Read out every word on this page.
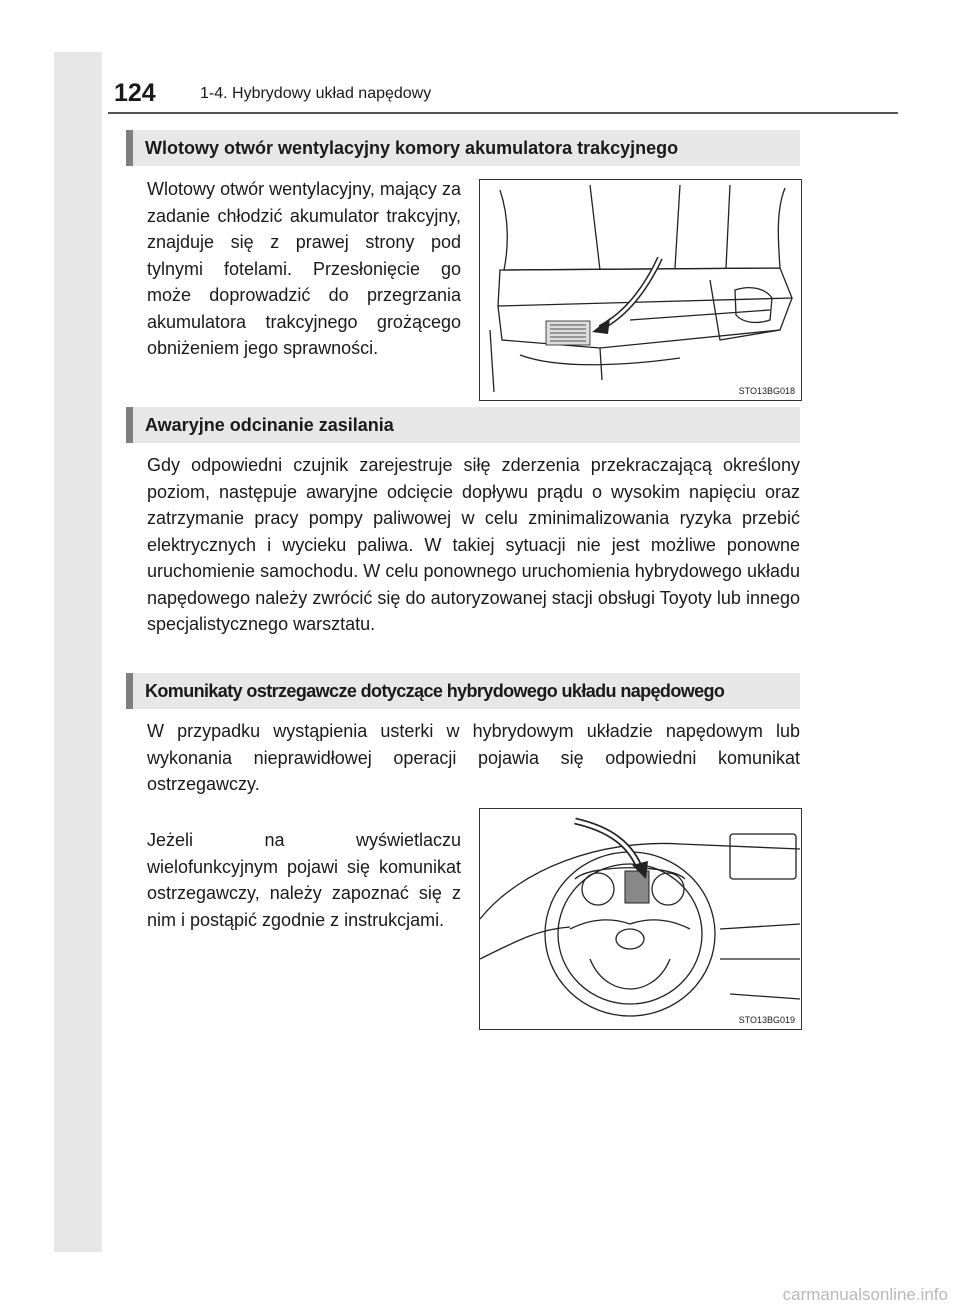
124	1-4. Hybrydowy układ napędowy
Wlotowy otwór wentylacyjny komory akumulatora trakcyjnego

Wlotowy otwór wentylacyjny, mający za zadanie chłodzić akumulator trakcyjny, znajduje się z prawej strony pod tylnymi fotelami. Przesłonięcie go może doprowadzić do przegrzania akumulatora trakcyjnego grożącego obniżeniem jego sprawności.

STO13BG018
Awaryjne odcinanie zasilania

Gdy odpowiedni czujnik zarejestruje siłę zderzenia przekraczającą określony poziom, następuje awaryjne odcięcie dopływu prądu o wysokim napięciu oraz zatrzymanie pracy pompy paliwowej w celu zminimalizowania ryzyka przebić elektrycznych i wycieku paliwa. W takiej sytuacji nie jest możliwe ponowne uruchomienie samochodu. W celu ponownego uruchomienia hybrydowego układu napędowego należy zwrócić się do autoryzowanej stacji obsługi Toyoty lub innego specjalistycznego warsztatu.

Komunikaty ostrzegawcze dotyczące hybrydowego układu napędowego

W przypadku wystąpienia usterki w hybrydowym układzie napędowym lub wykonania nieprawidłowej operacji pojawia się odpowiedni komunikat ostrzegawczy.

Jeżeli na wyświetlaczu wielofunkcyjnym pojawi się komunikat ostrzegawczy, należy zapoznać się z nim i postąpić zgodnie z instrukcjami.

STO13BG019
carmanualsonline.info
